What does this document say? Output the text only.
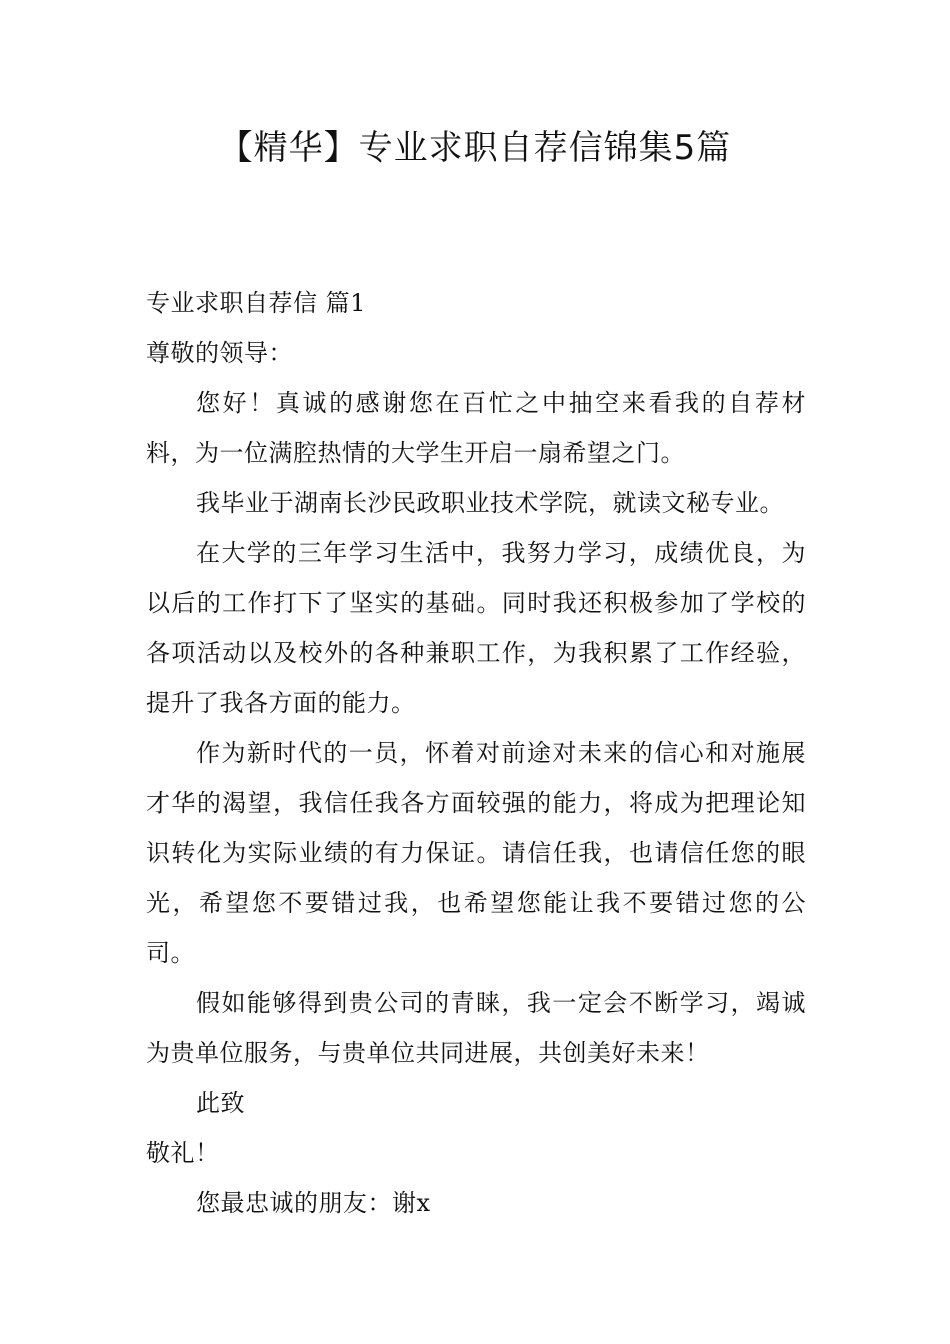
【精华】专业求职自荐信锦集5篇

专业求职自荐信 篇1

尊敬的领导：

您好！真诚的感谢您在百忙之中抽空来看我的自荐材料，为一位满腔热情的大学生开启一扇希望之门。

我毕业于湖南长沙民政职业技术学院，就读文秘专业。

在大学的三年学习生活中，我努力学习，成绩优良，为以后的工作打下了坚实的基础。同时我还积极参加了学校的各项活动以及校外的各种兼职工作，为我积累了工作经验，提升了我各方面的能力。

作为新时代的一员，怀着对前途对未来的信心和对施展才华的渴望，我信任我各方面较强的能力，将成为把理论知识转化为实际业绩的有力保证。请信任我，也请信任您的眼光，希望您不要错过我，也希望您能让我不要错过您的公司。

假如能够得到贵公司的青睐，我一定会不断学习，竭诚为贵单位服务，与贵单位共同进展，共创美好未来！

此致

敬礼！

您最忠诚的朋友：谢x
